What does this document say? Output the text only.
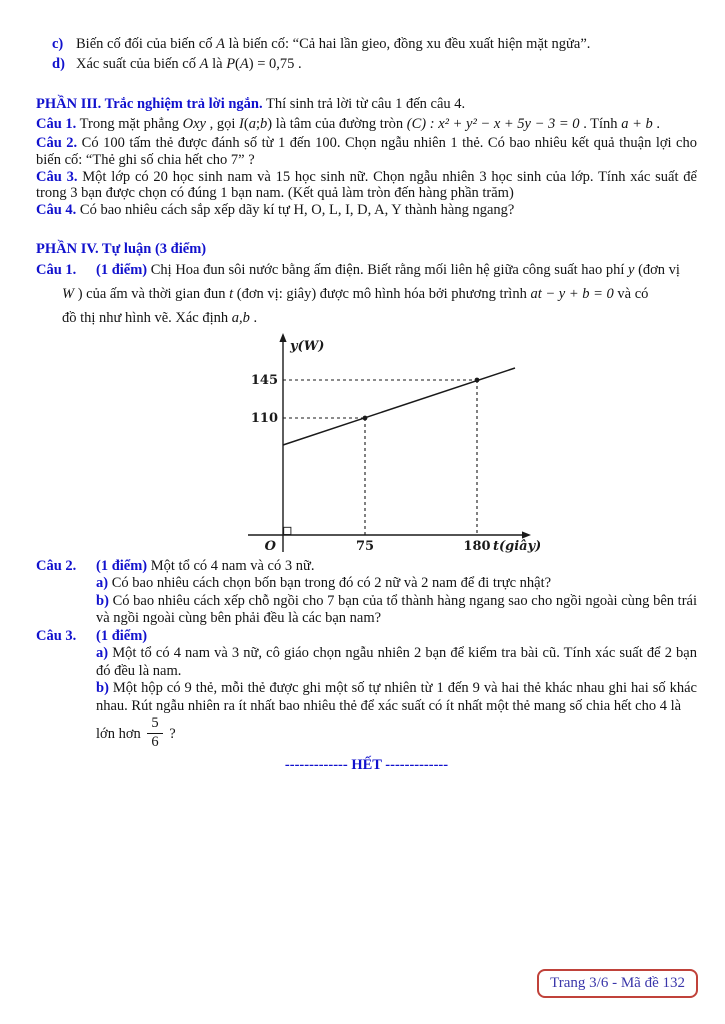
c) Biến cố đối của biến cố A là biến cố: “Cả hai lần gieo, đồng xu đều xuất hiện mặt ngửa”.
d) Xác suất của biến cố A là P(A) = 0,75 .
PHẦN III. Trắc nghiệm trả lời ngắn. Thí sinh trả lời từ câu 1 đến câu 4.
Câu 1. Trong mặt phẳng Oxy , gọi I(a;b) là tâm của đường tròn (C) : x² + y² − x + 5y − 3 = 0 . Tính a + b .
Câu 2. Có 100 tấm thẻ được đánh số từ 1 đến 100. Chọn ngẫu nhiên 1 thẻ. Có bao nhiêu kết quả thuận lợi cho biến cố: “Thẻ ghi số chia hết cho 7” ?
Câu 3. Một lớp có 20 học sinh nam và 15 học sinh nữ. Chọn ngẫu nhiên 3 học sinh của lớp. Tính xác suất để trong 3 bạn được chọn có đúng 1 bạn nam. (Kết quả làm tròn đến hàng phần trăm)
Câu 4. Có bao nhiêu cách sắp xếp dãy kí tự H, O, L, I, D, A, Y thành hàng ngang?
PHẦN IV. Tự luận (3 điểm)
Câu 1. (1 điểm) Chị Hoa đun sôi nước bằng ấm điện. Biết rằng mối liên hệ giữa công suất hao phí y (đơn vị
W ) của ấm và thời gian đun t (đơn vị: giây) được mô hình hóa bởi phương trình at − y + b = 0 và có
đồ thị như hình vẽ. Xác định a,b .
y(W)
145
110
O	75	180 t(giây)
Câu 2. (1 điểm) Một tổ có 4 nam và có 3 nữ.
a) Có bao nhiêu cách chọn bốn bạn trong đó có 2 nữ và 2 nam để đi trực nhật?
b) Có bao nhiêu cách xếp chỗ ngồi cho 7 bạn của tổ thành hàng ngang sao cho ngồi ngoài cùng bên trái và ngồi ngoài cùng bên phải đều là các bạn nam?
Câu 3. (1 điểm)
a) Một tổ có 4 nam và 3 nữ, cô giáo chọn ngẫu nhiên 2 bạn để kiểm tra bài cũ. Tính xác suất để 2 bạn đó đều là nam.
b) Một hộp có 9 thẻ, mỗi thẻ được ghi một số tự nhiên từ 1 đến 9 và hai thẻ khác nhau ghi hai số khác nhau. Rút ngẫu nhiên ra ít nhất bao nhiêu thẻ để xác suất có ít nhất một thẻ mang số chia hết cho 4 là
lớn hơn $\frac{5}{6}$ ?
------------- HẾT -------------
Trang 3/6 - Mã đề 132
